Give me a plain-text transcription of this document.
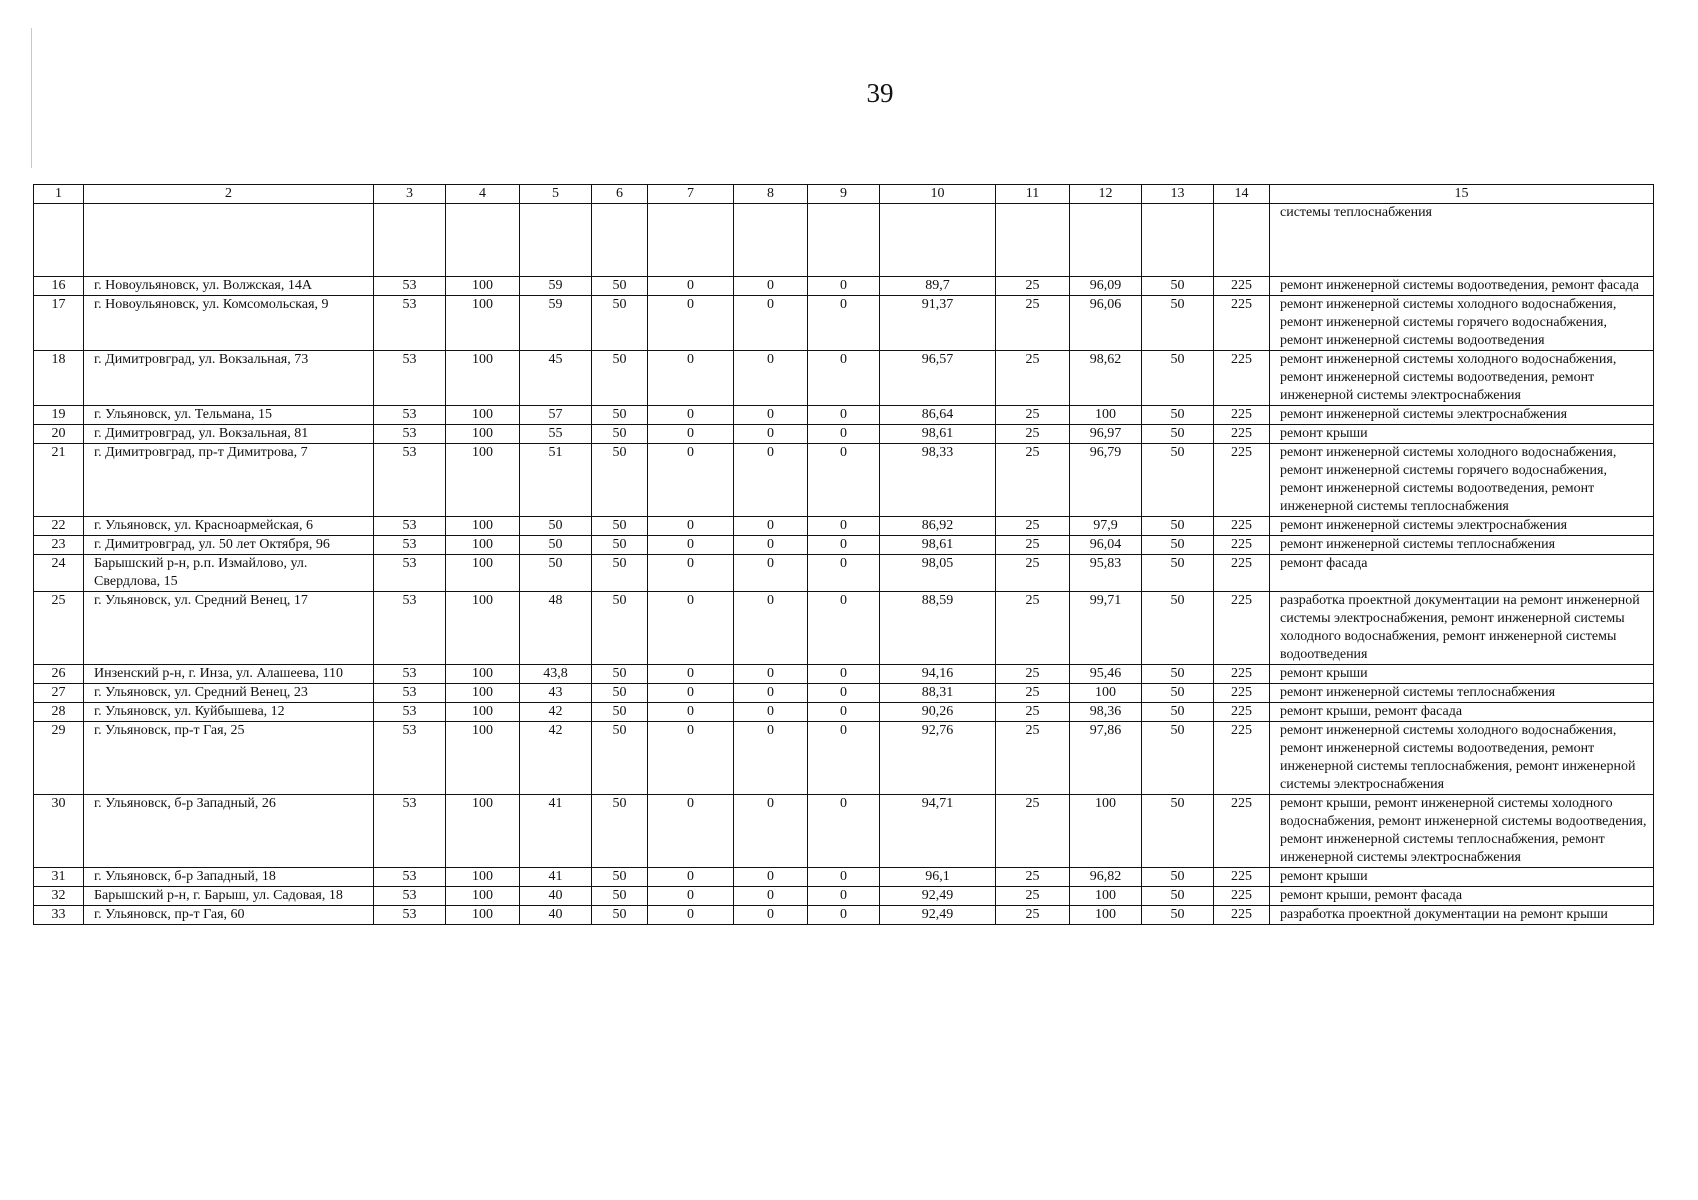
39
1	2	3	4	5	6	7	8	9	10	11	12	13	14	15
														системы теплоснабжения
16	г. Новоульяновск, ул. Волжская, 14А	53	100	59	50	0	0	0	89,7	25	96,09	50	225	ремонт инженерной системы водоотведения, ремонт фасада
17	г. Новоульяновск, ул. Комсомольская, 9	53	100	59	50	0	0	0	91,37	25	96,06	50	225	ремонт инженерной системы холодного водоснабжения, ремонт инженерной системы горячего водоснабжения, ремонт инженерной системы водоотведения
18	г. Димитровград, ул. Вокзальная, 73	53	100	45	50	0	0	0	96,57	25	98,62	50	225	ремонт инженерной системы холодного водоснабжения, ремонт инженерной системы водоотведения, ремонт инженерной системы электроснабжения
19	г. Ульяновск, ул. Тельмана, 15	53	100	57	50	0	0	0	86,64	25	100	50	225	ремонт инженерной системы электроснабжения
20	г. Димитровград, ул. Вокзальная, 81	53	100	55	50	0	0	0	98,61	25	96,97	50	225	ремонт крыши
21	г. Димитровград, пр-т Димитрова, 7	53	100	51	50	0	0	0	98,33	25	96,79	50	225	ремонт инженерной системы холодного водоснабжения, ремонт инженерной системы горячего водоснабжения, ремонт инженерной системы водоотведения, ремонт инженерной системы теплоснабжения
22	г. Ульяновск, ул. Красноармейская, 6	53	100	50	50	0	0	0	86,92	25	97,9	50	225	ремонт инженерной системы электроснабжения
23	г. Димитровград, ул. 50 лет Октября, 96	53	100	50	50	0	0	0	98,61	25	96,04	50	225	ремонт инженерной системы теплоснабжения
24	Барышский р-н, р.п. Измайлово, ул. Свердлова, 15	53	100	50	50	0	0	0	98,05	25	95,83	50	225	ремонт фасада
25	г. Ульяновск, ул. Средний Венец, 17	53	100	48	50	0	0	0	88,59	25	99,71	50	225	разработка проектной документации на ремонт инженерной системы электроснабжения, ремонт инженерной системы холодного водоснабжения, ремонт инженерной системы водоотведения
26	Инзенский р-н, г. Инза, ул. Алашеева, 110	53	100	43,8	50	0	0	0	94,16	25	95,46	50	225	ремонт крыши
27	г. Ульяновск, ул. Средний Венец, 23	53	100	43	50	0	0	0	88,31	25	100	50	225	ремонт инженерной системы теплоснабжения
28	г. Ульяновск, ул. Куйбышева, 12	53	100	42	50	0	0	0	90,26	25	98,36	50	225	ремонт крыши, ремонт фасада
29	г. Ульяновск, пр-т Гая, 25	53	100	42	50	0	0	0	92,76	25	97,86	50	225	ремонт инженерной системы холодного водоснабжения, ремонт инженерной системы водоотведения, ремонт инженерной системы теплоснабжения, ремонт инженерной системы электроснабжения
30	г. Ульяновск, б-р Западный, 26	53	100	41	50	0	0	0	94,71	25	100	50	225	ремонт крыши, ремонт инженерной системы холодного водоснабжения, ремонт инженерной системы водоотведения, ремонт инженерной системы теплоснабжения, ремонт инженерной системы электроснабжения
31	г. Ульяновск, б-р Западный, 18	53	100	41	50	0	0	0	96,1	25	96,82	50	225	ремонт крыши
32	Барышский р-н, г. Барыш, ул. Садовая, 18	53	100	40	50	0	0	0	92,49	25	100	50	225	ремонт крыши, ремонт фасада
33	г. Ульяновск, пр-т Гая, 60	53	100	40	50	0	0	0	92,49	25	100	50	225	разработка проектной документации на ремонт крыши
